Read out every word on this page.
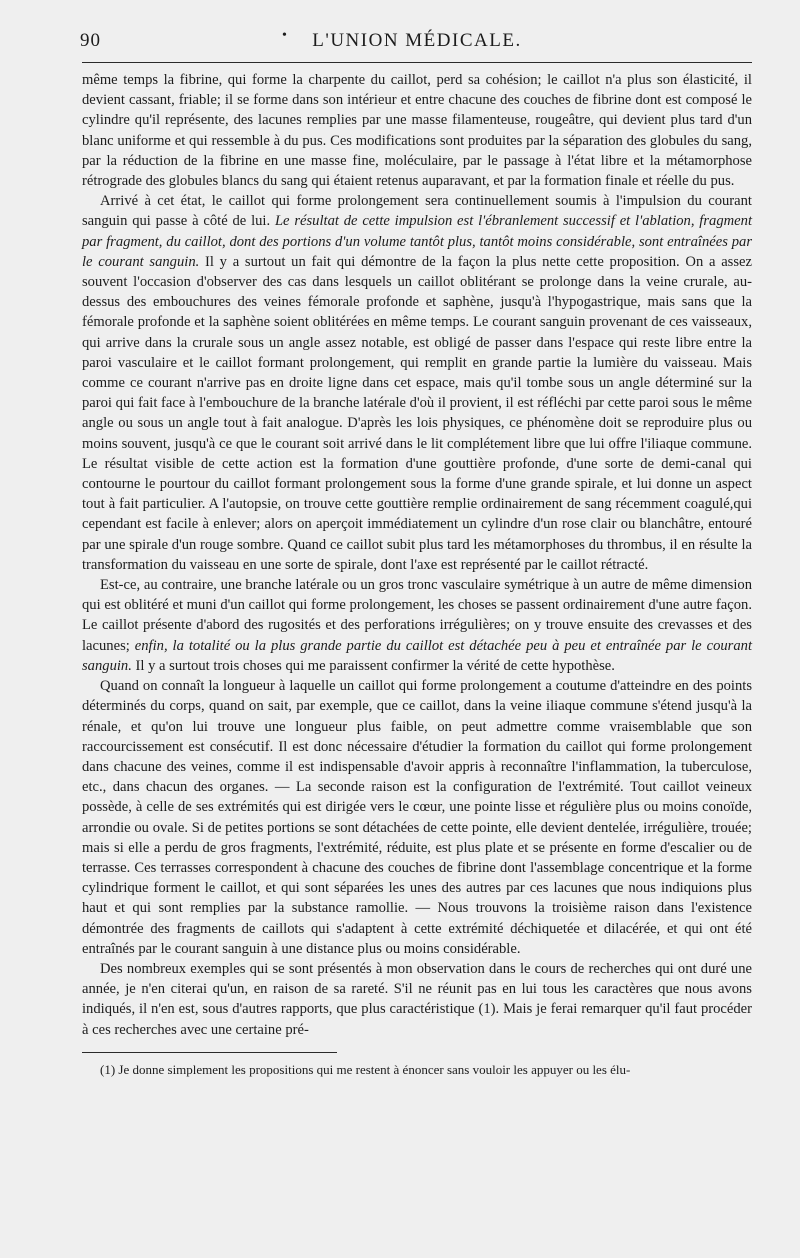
90	•	L'UNION MÉDICALE.

même temps la fibrine, qui forme la charpente du caillot, perd sa cohésion; le caillot n'a plus son élasticité, il devient cassant, friable; il se forme dans son intérieur et entre chacune des couches de fibrine dont est composé le cylindre qu'il représente, des lacunes remplies par une masse filamenteuse, rougeâtre, qui devient plus tard d'un blanc uniforme et qui ressemble à du pus. Ces modifications sont produites par la séparation des globules du sang, par la réduction de la fibrine en une masse fine, moléculaire, par le passage à l'état libre et la métamorphose rétrograde des globules blancs du sang qui étaient retenus auparavant, et par la formation finale et réelle du pus.

Arrivé à cet état, le caillot qui forme prolongement sera continuellement soumis à l'impulsion du courant sanguin qui passe à côté de lui. Le résultat de cette impulsion est l'ébranlement successif et l'ablation, fragment par fragment, du caillot, dont des portions d'un volume tantôt plus, tantôt moins considérable, sont entraînées par le courant sanguin. Il y a surtout un fait qui démontre de la façon la plus nette cette proposition. On a assez souvent l'occasion d'observer des cas dans lesquels un caillot oblitérant se prolonge dans la veine crurale, au-dessus des embouchures des veines fémorale profonde et saphène, jusqu'à l'hypogastrique, mais sans que la fémorale profonde et la saphène soient oblitérées en même temps. Le courant sanguin provenant de ces vaisseaux, qui arrive dans la crurale sous un angle assez notable, est obligé de passer dans l'espace qui reste libre entre la paroi vasculaire et le caillot formant prolongement, qui remplit en grande partie la lumière du vaisseau. Mais comme ce courant n'arrive pas en droite ligne dans cet espace, mais qu'il tombe sous un angle déterminé sur la paroi qui fait face à l'embouchure de la branche latérale d'où il provient, il est réfléchi par cette paroi sous le même angle ou sous un angle tout à fait analogue. D'après les lois physiques, ce phénomène doit se reproduire plus ou moins souvent, jusqu'à ce que le courant soit arrivé dans le lit complétement libre que lui offre l'iliaque commune. Le résultat visible de cette action est la formation d'une gouttière profonde, d'une sorte de demi-canal qui contourne le pourtour du caillot formant prolongement sous la forme d'une grande spirale, et lui donne un aspect tout à fait particulier. A l'autopsie, on trouve cette gouttière remplie ordinairement de sang récemment coagulé,qui cependant est facile à enlever; alors on aperçoit immédiatement un cylindre d'un rose clair ou blanchâtre, entouré par une spirale d'un rouge sombre. Quand ce caillot subit plus tard les métamorphoses du thrombus, il en résulte la transformation du vaisseau en une sorte de spirale, dont l'axe est représenté par le caillot rétracté.

Est-ce, au contraire, une branche latérale ou un gros tronc vasculaire symétrique à un autre de même dimension qui est oblitéré et muni d'un caillot qui forme prolongement, les choses se passent ordinairement d'une autre façon. Le caillot présente d'abord des rugosités et des perforations irrégulières; on y trouve ensuite des crevasses et des lacunes; enfin, la totalité ou la plus grande partie du caillot est détachée peu à peu et entraînée par le courant sanguin. Il y a surtout trois choses qui me paraissent confirmer la vérité de cette hypothèse.

Quand on connaît la longueur à laquelle un caillot qui forme prolongement a coutume d'atteindre en des points déterminés du corps, quand on sait, par exemple, que ce caillot, dans la veine iliaque commune s'étend jusqu'à la rénale, et qu'on lui trouve une longueur plus faible, on peut admettre comme vraisemblable que son raccourcissement est consécutif. Il est donc nécessaire d'étudier la formation du caillot qui forme prolongement dans chacune des veines, comme il est indispensable d'avoir appris à reconnaître l'inflammation, la tuberculose, etc., dans chacun des organes. — La seconde raison est la configuration de l'extrémité. Tout caillot veineux possède, à celle de ses extrémités qui est dirigée vers le cœur, une pointe lisse et régulière plus ou moins conoïde, arrondie ou ovale. Si de petites portions se sont détachées de cette pointe, elle devient dentelée, irrégulière, trouée; mais si elle a perdu de gros fragments, l'extrémité, réduite, est plus plate et se présente en forme d'escalier ou de terrasse. Ces terrasses correspondent à chacune des couches de fibrine dont l'assemblage concentrique et la forme cylindrique forment le caillot, et qui sont séparées les unes des autres par ces lacunes que nous indiquions plus haut et qui sont remplies par la substance ramollie. — Nous trouvons la troisième raison dans l'existence démontrée des fragments de caillots qui s'adaptent à cette extrémité déchiquetée et dilacérée, et qui ont été entraînés par le courant sanguin à une distance plus ou moins considérable.

Des nombreux exemples qui se sont présentés à mon observation dans le cours de recherches qui ont duré une année, je n'en citerai qu'un, en raison de sa rareté. S'il ne réunit pas en lui tous les caractères que nous avons indiqués, il n'en est, sous d'autres rapports, que plus caractéristique (1). Mais je ferai remarquer qu'il faut procéder à ces recherches avec une certaine pré-

(1) Je donne simplement les propositions qui me restent à énoncer sans vouloir les appuyer ou les élu-
